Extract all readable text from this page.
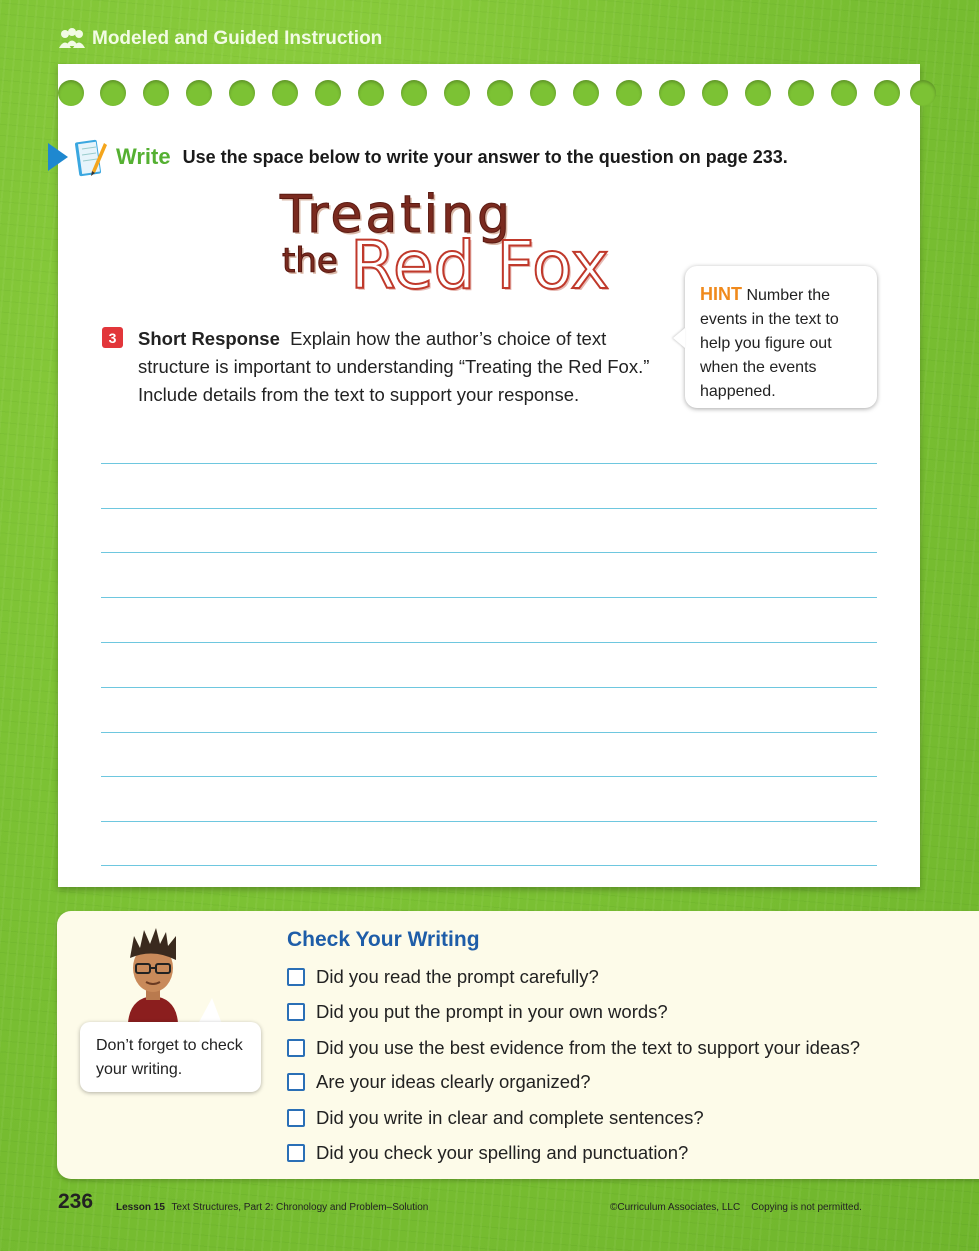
Modeled and Guided Instruction
Write Use the space below to write your answer to the question on page 233.
Treating
the Red Fox	HINT Number the events in the text to help you figure out when the events happened.
3	Short Response Explain how the author’s choice of text structure is important to understanding “Treating the Red Fox.” Include details from the text to support your response.
Don’t forget to check your writing.
Check Your Writing
Did you read the prompt carefully?
Did you put the prompt in your own words?
Did you use the best evidence from the text to support your ideas?
Are your ideas clearly organized?
Did you write in clear and complete sentences?
Did you check your spelling and punctuation?
236 Lesson 15 Text Structures, Part 2: Chronology and Problem–Solution	©Curriculum Associates, LLC    Copying is not permitted.
